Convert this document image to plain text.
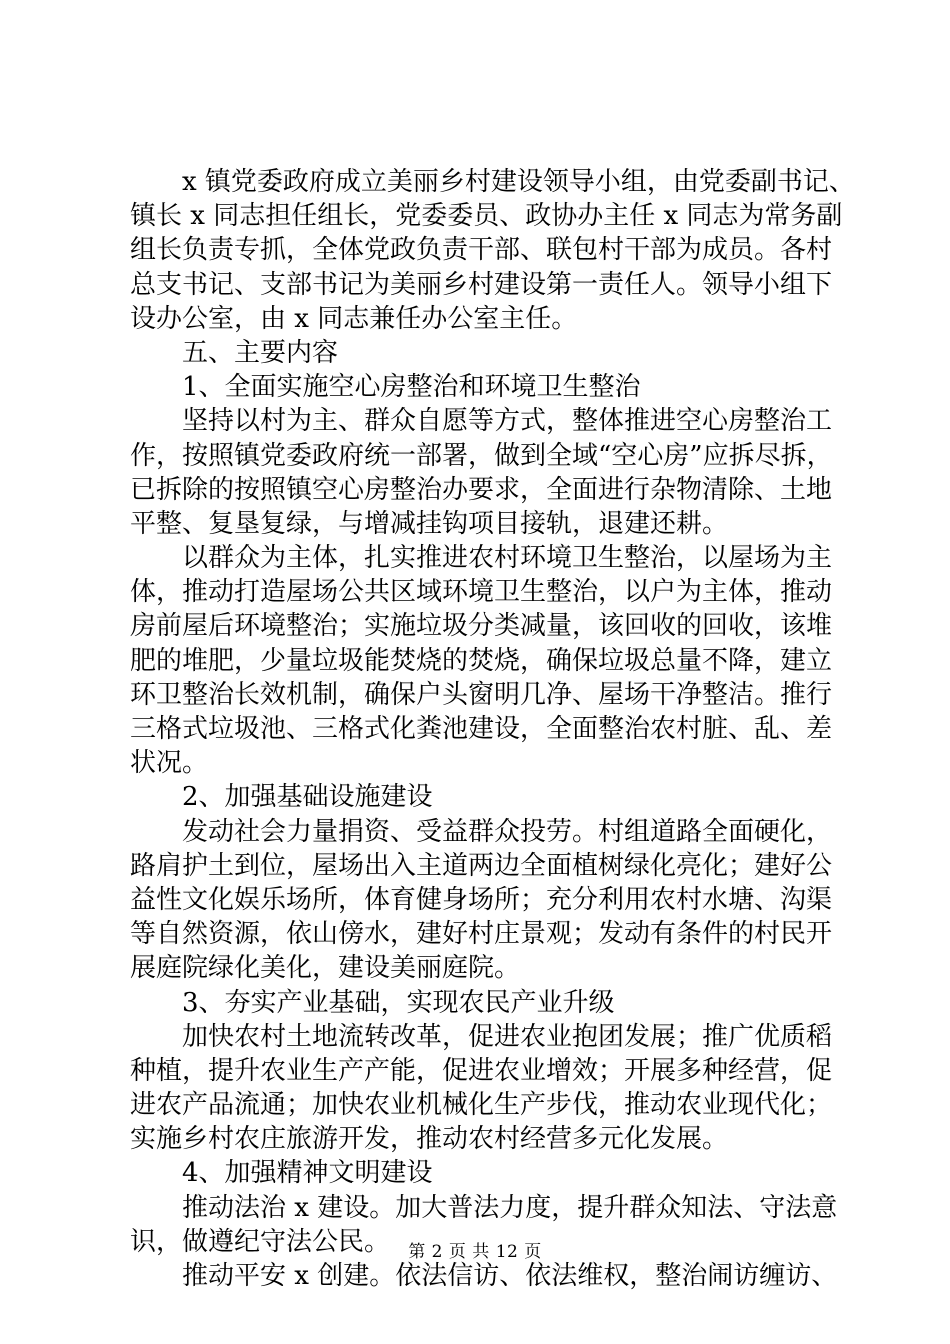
x 镇党委政府成立美丽乡村建设领导小组，由党委副书记、
镇长 x 同志担任组长，党委委员、政协办主任 x 同志为常务副
组长负责专抓，全体党政负责干部、联包村干部为成员。各村
总支书记、支部书记为美丽乡村建设第一责任人。领导小组下
设办公室，由 x 同志兼任办公室主任。
五、主要内容
1、全面实施空心房整治和环境卫生整治
坚持以村为主、群众自愿等方式，整体推进空心房整治工
作，按照镇党委政府统一部署，做到全域“空心房”应拆尽拆，
已拆除的按照镇空心房整治办要求，全面进行杂物清除、土地
平整、复垦复绿，与增减挂钩项目接轨，退建还耕。
以群众为主体，扎实推进农村环境卫生整治，以屋场为主
体，推动打造屋场公共区域环境卫生整治，以户为主体，推动
房前屋后环境整治；实施垃圾分类减量，该回收的回收，该堆
肥的堆肥，少量垃圾能焚烧的焚烧，确保垃圾总量不降，建立
环卫整治长效机制，确保户头窗明几净、屋场干净整洁。推行
三格式垃圾池、三格式化粪池建设，全面整治农村脏、乱、差
状况。
2、加强基础设施建设
发动社会力量捐资、受益群众投劳。村组道路全面硬化，
路肩护土到位，屋场出入主道两边全面植树绿化亮化；建好公
益性文化娱乐场所，体育健身场所；充分利用农村水塘、沟渠
等自然资源，依山傍水，建好村庄景观；发动有条件的村民开
展庭院绿化美化，建设美丽庭院。
3、夯实产业基础，实现农民产业升级
加快农村土地流转改革，促进农业抱团发展；推广优质稻
种植，提升农业生产产能，促进农业增效；开展多种经营，促
进农产品流通；加快农业机械化生产步伐，推动农业现代化；
实施乡村农庄旅游开发，推动农村经营多元化发展。
4、加强精神文明建设
推动法治 x 建设。加大普法力度，提升群众知法、守法意
识，做遵纪守法公民。
推动平安 x 创建。依法信访、依法维权，整治闹访缠访、
第 2 页 共 12 页
